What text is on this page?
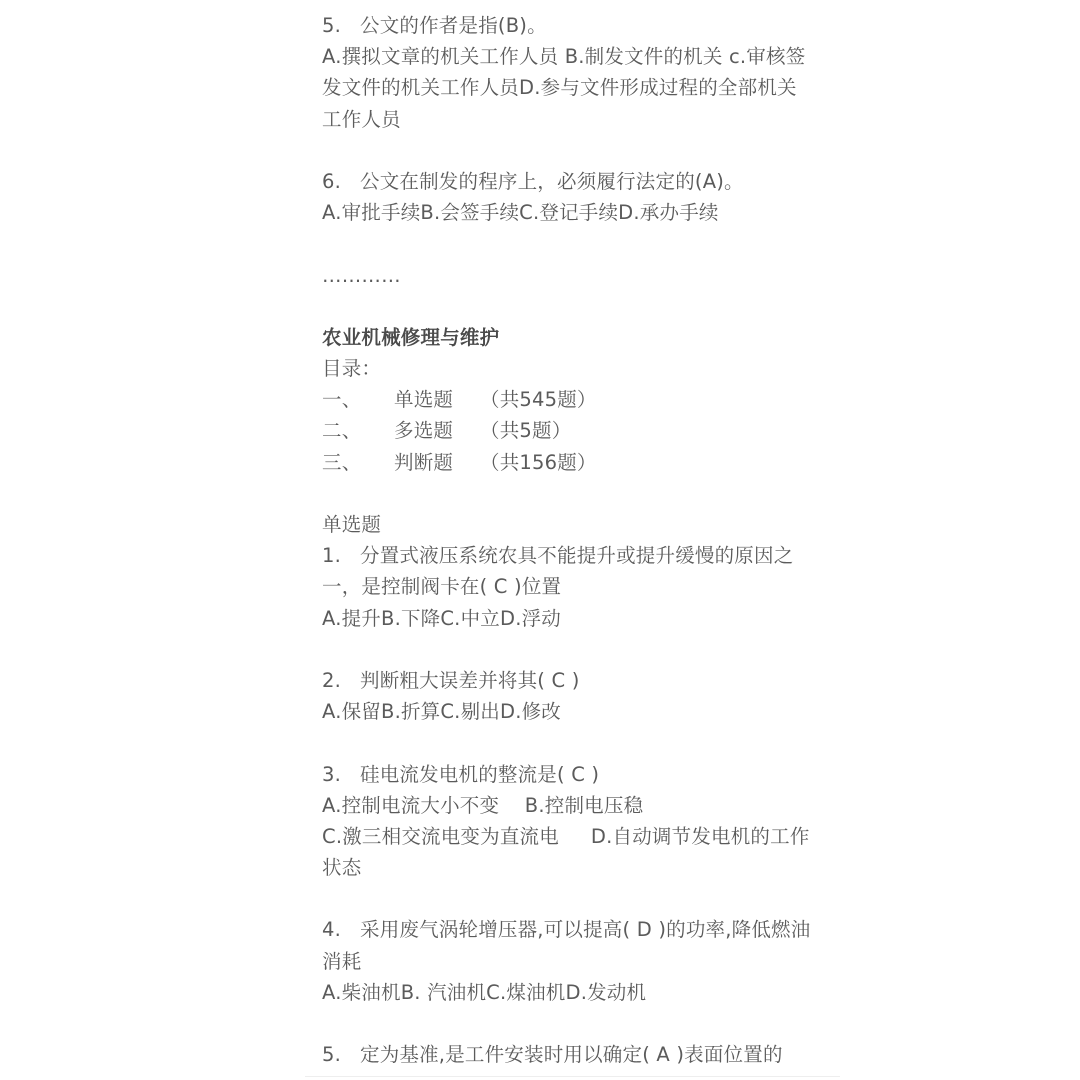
5. 公文的作者是指(B)。
A.撰拟文章的机关工作人员 B.制发文件的机关 c.审核签
发文件的机关工作人员D.参与文件形成过程的全部机关
工作人员
6. 公文在制发的程序上，必须履行法定的(A)。
A.审批手续B.会签手续C.登记手续D.承办手续
…………
农业机械修理与维护
目录：
一、 单选题 （共545题）
二、 多选题 （共5题）
三、 判断题 （共156题）
单选题
1. 分置式液压系统农具不能提升或提升缓慢的原因之
一，是控制阀卡在( C )位置
A.提升B.下降C.中立D.浮动
2. 判断粗大误差并将其( C )
A.保留B.折算C.剔出D.修改
3. 硅电流发电机的整流是( C )
A.控制电流大小不变    B.控制电压稳
C.激三相交流电变为直流电     D.自动调节发电机的工作
状态
4. 采用废气涡轮增压器,可以提高( D )的功率,降低燃油
消耗
A.柴油机B. 汽油机C.煤油机D.发动机
5. 定为基准,是工件安装时用以确定( A )表面位置的
